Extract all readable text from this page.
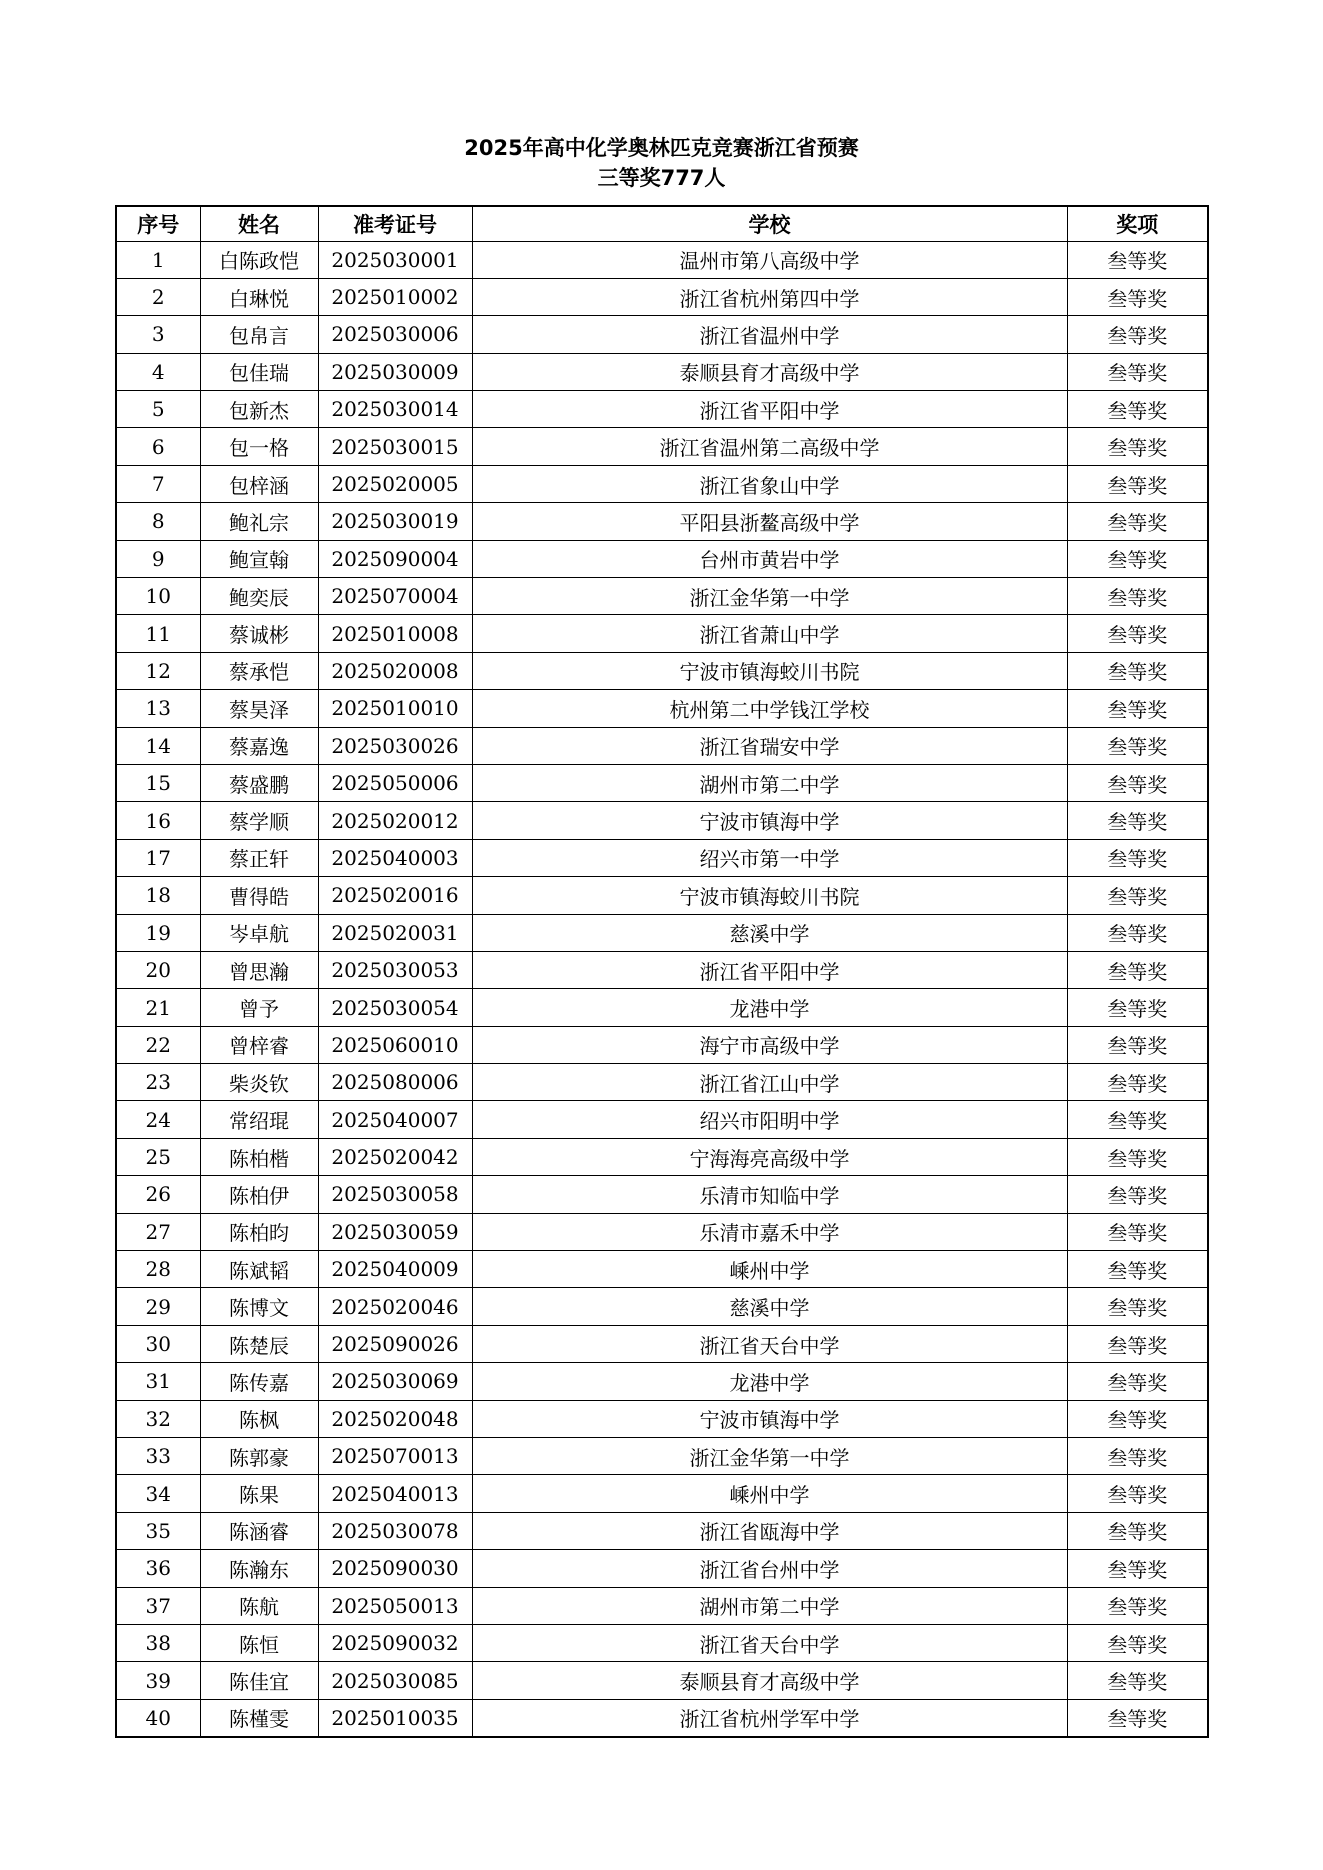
2025年高中化学奥林匹克竞赛浙江省预赛
三等奖777人
序号	姓名	准考证号	学校	奖项
1	白陈政恺	2025030001	温州市第八高级中学	叁等奖
2	白琳悦	2025010002	浙江省杭州第四中学	叁等奖
3	包帛言	2025030006	浙江省温州中学	叁等奖
4	包佳瑞	2025030009	泰顺县育才高级中学	叁等奖
5	包新杰	2025030014	浙江省平阳中学	叁等奖
6	包一格	2025030015	浙江省温州第二高级中学	叁等奖
7	包梓涵	2025020005	浙江省象山中学	叁等奖
8	鲍礼宗	2025030019	平阳县浙鳌高级中学	叁等奖
9	鲍宣翰	2025090004	台州市黄岩中学	叁等奖
10	鲍奕辰	2025070004	浙江金华第一中学	叁等奖
11	蔡诚彬	2025010008	浙江省萧山中学	叁等奖
12	蔡承恺	2025020008	宁波市镇海蛟川书院	叁等奖
13	蔡昊泽	2025010010	杭州第二中学钱江学校	叁等奖
14	蔡嘉逸	2025030026	浙江省瑞安中学	叁等奖
15	蔡盛鹏	2025050006	湖州市第二中学	叁等奖
16	蔡学顺	2025020012	宁波市镇海中学	叁等奖
17	蔡正轩	2025040003	绍兴市第一中学	叁等奖
18	曹得皓	2025020016	宁波市镇海蛟川书院	叁等奖
19	岑卓航	2025020031	慈溪中学	叁等奖
20	曾思瀚	2025030053	浙江省平阳中学	叁等奖
21	曾予	2025030054	龙港中学	叁等奖
22	曾梓睿	2025060010	海宁市高级中学	叁等奖
23	柴炎钦	2025080006	浙江省江山中学	叁等奖
24	常绍琨	2025040007	绍兴市阳明中学	叁等奖
25	陈柏楷	2025020042	宁海海亮高级中学	叁等奖
26	陈柏伊	2025030058	乐清市知临中学	叁等奖
27	陈柏昀	2025030059	乐清市嘉禾中学	叁等奖
28	陈斌韬	2025040009	嵊州中学	叁等奖
29	陈博文	2025020046	慈溪中学	叁等奖
30	陈楚辰	2025090026	浙江省天台中学	叁等奖
31	陈传嘉	2025030069	龙港中学	叁等奖
32	陈枫	2025020048	宁波市镇海中学	叁等奖
33	陈郭豪	2025070013	浙江金华第一中学	叁等奖
34	陈果	2025040013	嵊州中学	叁等奖
35	陈涵睿	2025030078	浙江省瓯海中学	叁等奖
36	陈瀚东	2025090030	浙江省台州中学	叁等奖
37	陈航	2025050013	湖州市第二中学	叁等奖
38	陈恒	2025090032	浙江省天台中学	叁等奖
39	陈佳宜	2025030085	泰顺县育才高级中学	叁等奖
40	陈槿雯	2025010035	浙江省杭州学军中学	叁等奖
